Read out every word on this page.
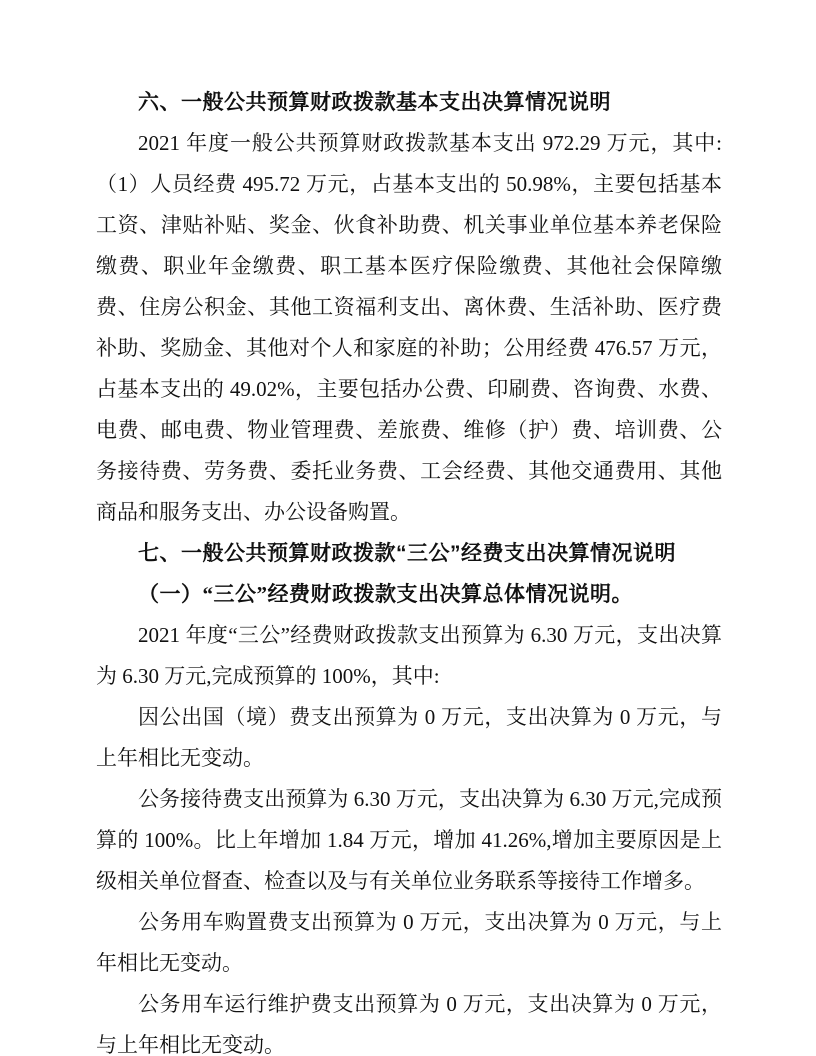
六、一般公共预算财政拨款基本支出决算情况说明

2021 年度一般公共预算财政拨款基本支出 972.29 万元，其中:（1）人员经费 495.72 万元，占基本支出的 50.98%，主要包括基本工资、津贴补贴、奖金、伙食补助费、机关事业单位基本养老保险缴费、职业年金缴费、职工基本医疗保险缴费、其他社会保障缴费、住房公积金、其他工资福利支出、离休费、生活补助、医疗费补助、奖励金、其他对个人和家庭的补助；公用经费 476.57 万元，占基本支出的 49.02%，主要包括办公费、印刷费、咨询费、水费、电费、邮电费、物业管理费、差旅费、维修（护）费、培训费、公务接待费、劳务费、委托业务费、工会经费、其他交通费用、其他商品和服务支出、办公设备购置。

七、一般公共预算财政拨款“三公”经费支出决算情况说明
（一）“三公”经费财政拨款支出决算总体情况说明。

2021 年度“三公”经费财政拨款支出预算为 6.30 万元，支出决算为 6.30 万元,完成预算的 100%，其中:

因公出国（境）费支出预算为 0 万元，支出决算为 0 万元，与上年相比无变动。

公务接待费支出预算为 6.30 万元，支出决算为 6.30 万元,完成预算的 100%。比上年增加 1.84 万元，增加 41.26%,增加主要原因是上级相关单位督查、检查以及与有关单位业务联系等接待工作增多。

公务用车购置费支出预算为 0 万元，支出决算为 0 万元，与上年相比无变动。

公务用车运行维护费支出预算为 0 万元，支出决算为 0 万元，与上年相比无变动。
